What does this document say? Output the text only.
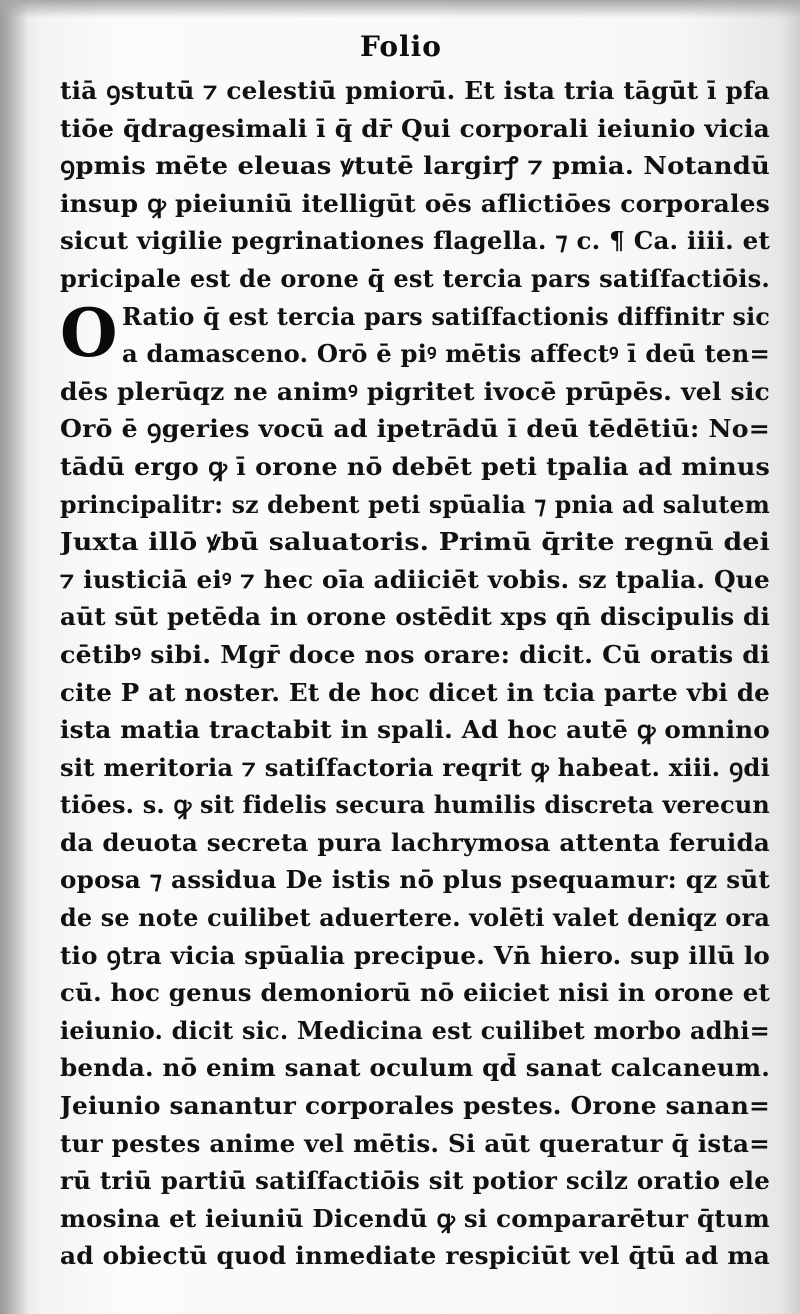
Folio
tiā ꝯstutū ⁊ celestiū pmiorū. Et ista tria tāgūt ī pfa
tiōe q̄dragesimali ī q̄ dr̄ Qui corporali ieiunio vicia
ꝯpmis mēte eleuas ꝟtutē largirꝭ ⁊ pmia. Notandū
insup ꝙ pieiuniū itelligūt oēs aflictiōes corporales
sicut vigilie pegrinationes flagella. ⁊ c. ¶ Ca. iiii. et
pricipale est de orone q̄ est tercia pars satiſfactiōis.
O Ratio q̄ est tercia pars satiſfactionis diffinitr sic
a damasceno. Orō ē piꝰ mētis affectꝰ ī deū ten=
dēs plerūqz ne animꝰ pigritet ivocē prūpēs. vel sic
Orō ē ꝯgeries vocū ad ipetrādū ī deū tēdētiū: No=
tādū ergo ꝙ ī orone nō debēt peti tpalia ad minus
principalitr: sz debent peti spūalia ⁊ pnia ad salutem
Juxta illō ꝟbū saluatoris. Primū q̄rite regnū dei
⁊ iusticiā eiꝰ ⁊ hec oīa adiiciēt vobis. sz tpalia. Que
aūt sūt petēda in orone ostēdit xps qn̄ discipulis di
cētibꝰ sibi. Mgr̄ doce nos orare: dicit. Cū oratis di
cite P at noster. Et de hoc dicet in tcia parte vbi de
ista matia tractabit in spali. Ad hoc autē ꝙ omnino
sit meritoria ⁊ satiſfactoria reqrit ꝙ habeat. xiii. ꝯdi
tiōes. s. ꝙ sit fidelis secura humilis discreta verecun
da deuota secreta pura lachrymosa attenta feruida
oposa ⁊ assidua De istis nō plus psequamur: qz sūt
de se note cuilibet aduertere. volēti valet deniqz ora
tio ꝯtra vicia spūalia precipue. Vn̄ hiero. sup illū lo
cū. hoc genus demoniorū nō eiiciet nisi in orone et
ieiunio. dicit sic. Medicina est cuilibet morbo adhi=
benda. nō enim sanat oculum qd̄ sanat calcaneum.
Jeiunio sanantur corporales pestes. Orone sanan=
tur pestes anime vel mētis. Si aūt queratur q̄ ista=
rū triū partiū satiſfactiōis sit potior scilz oratio ele
mosina et ieiuniū Dicendū ꝙ si compararētur q̄tum
ad obiectū quod inmediate respiciūt vel q̄tū ad ma
